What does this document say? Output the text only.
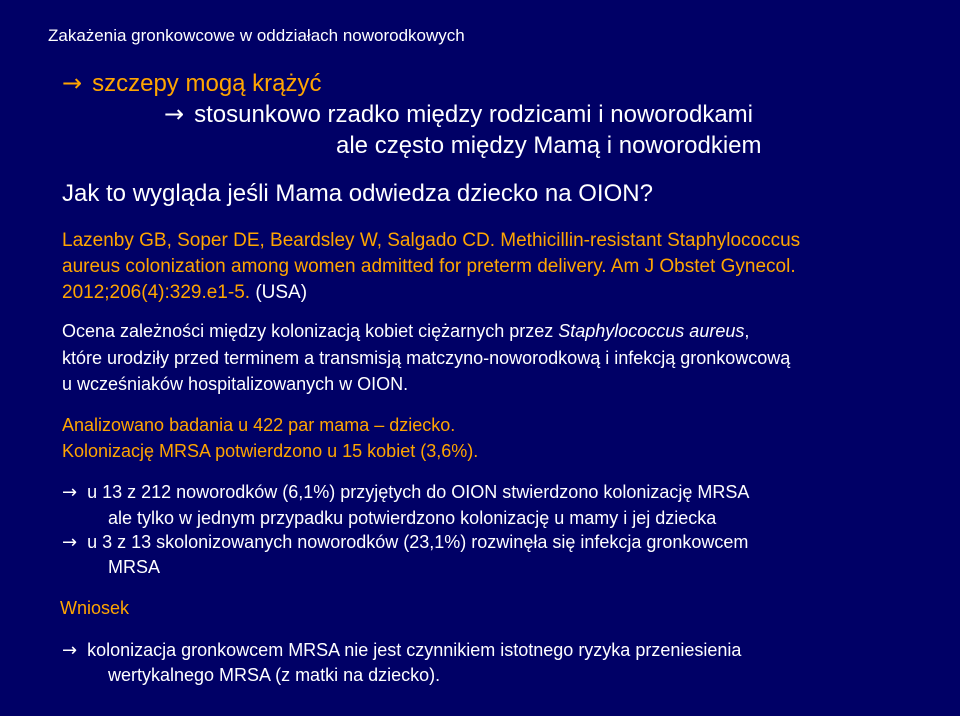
Zakażenia gronkowcowe w oddziałach noworodkowych
→ szczepy mogą krążyć
→ stosunkowo rzadko między rodzicami i noworodkami
ale często między Mamą i noworodkiem
Jak to wygląda jeśli Mama odwiedza dziecko na OION?
Lazenby GB, Soper DE, Beardsley W, Salgado CD. Methicillin-resistant Staphylococcus
aureus colonization among women admitted for preterm delivery. Am J Obstet Gynecol.
2012;206(4):329.e1-5. (USA)
Ocena zależności między kolonizacją kobiet ciężarnych przez Staphylococcus aureus,
które urodziły przed terminem a transmisją matczyno-noworodkową i infekcją gronkowcową
u wcześniaków hospitalizowanych w OION.
Analizowano badania u 422 par mama – dziecko.
Kolonizację MRSA potwierdzono u 15 kobiet (3,6%).
→ u 13 z 212 noworodków (6,1%) przyjętych do OION stwierdzono kolonizację MRSA
ale tylko w jednym przypadku potwierdzono kolonizację u mamy i jej dziecka
→ u 3 z 13 skolonizowanych noworodków (23,1%) rozwinęła się infekcja gronkowcem
MRSA
Wniosek
→ kolonizacja gronkowcem MRSA nie jest czynnikiem istotnego ryzyka przeniesienia
wertykalnego MRSA (z matki na dziecko).
